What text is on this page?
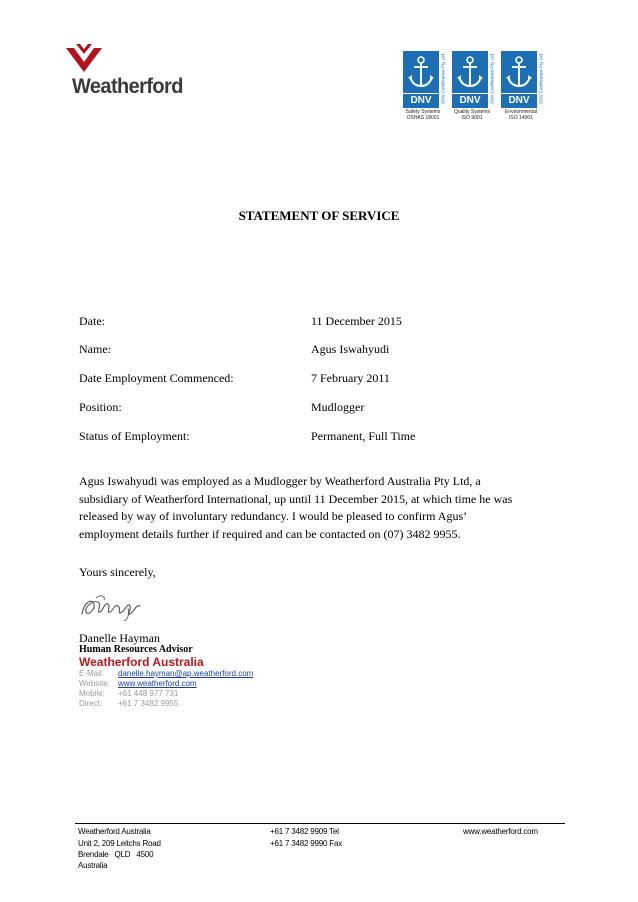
Weatherford
DNV	DNV Certification Pty Ltd
Safety Systems
OSHAS 18001
DNV	DNV Certification Pty Ltd
Quality Systems
ISO 9001
DNV	DNV Certification Pty Ltd
Environmental
ISO 14001
STATEMENT OF SERVICE
Date:	11 December 2015
Name:	Agus Iswahyudi
Date Employment Commenced:	7 February 2011
Position:	Mudlogger
Status of Employment:	Permanent, Full Time
Agus Iswahyudi was employed as a Mudlogger by Weatherford Australia Pty Ltd, a
subsidiary of Weatherford International, up until 11 December 2015, at which time he was
released by way of involuntary redundancy. I would be pleased to confirm Agus’
employment details further if required and can be contacted on (07) 3482 9955.
Yours sincerely,
Danelle Hayman
Human Resources Advisor
Weatherford Australia
E-Mail: danelle.hayman@ap.weatherford.com
Website: www.weatherford.com
Mobile: +61 448 977 731
Direct: +61 7 3482 9955
Weatherford Australia
Unit 2, 209 Leitchs Road
Brendale   QLD   4500
Australia
+61 7 3482 9909 Tel
+61 7 3482 9990 Fax
www.weatherford.com
